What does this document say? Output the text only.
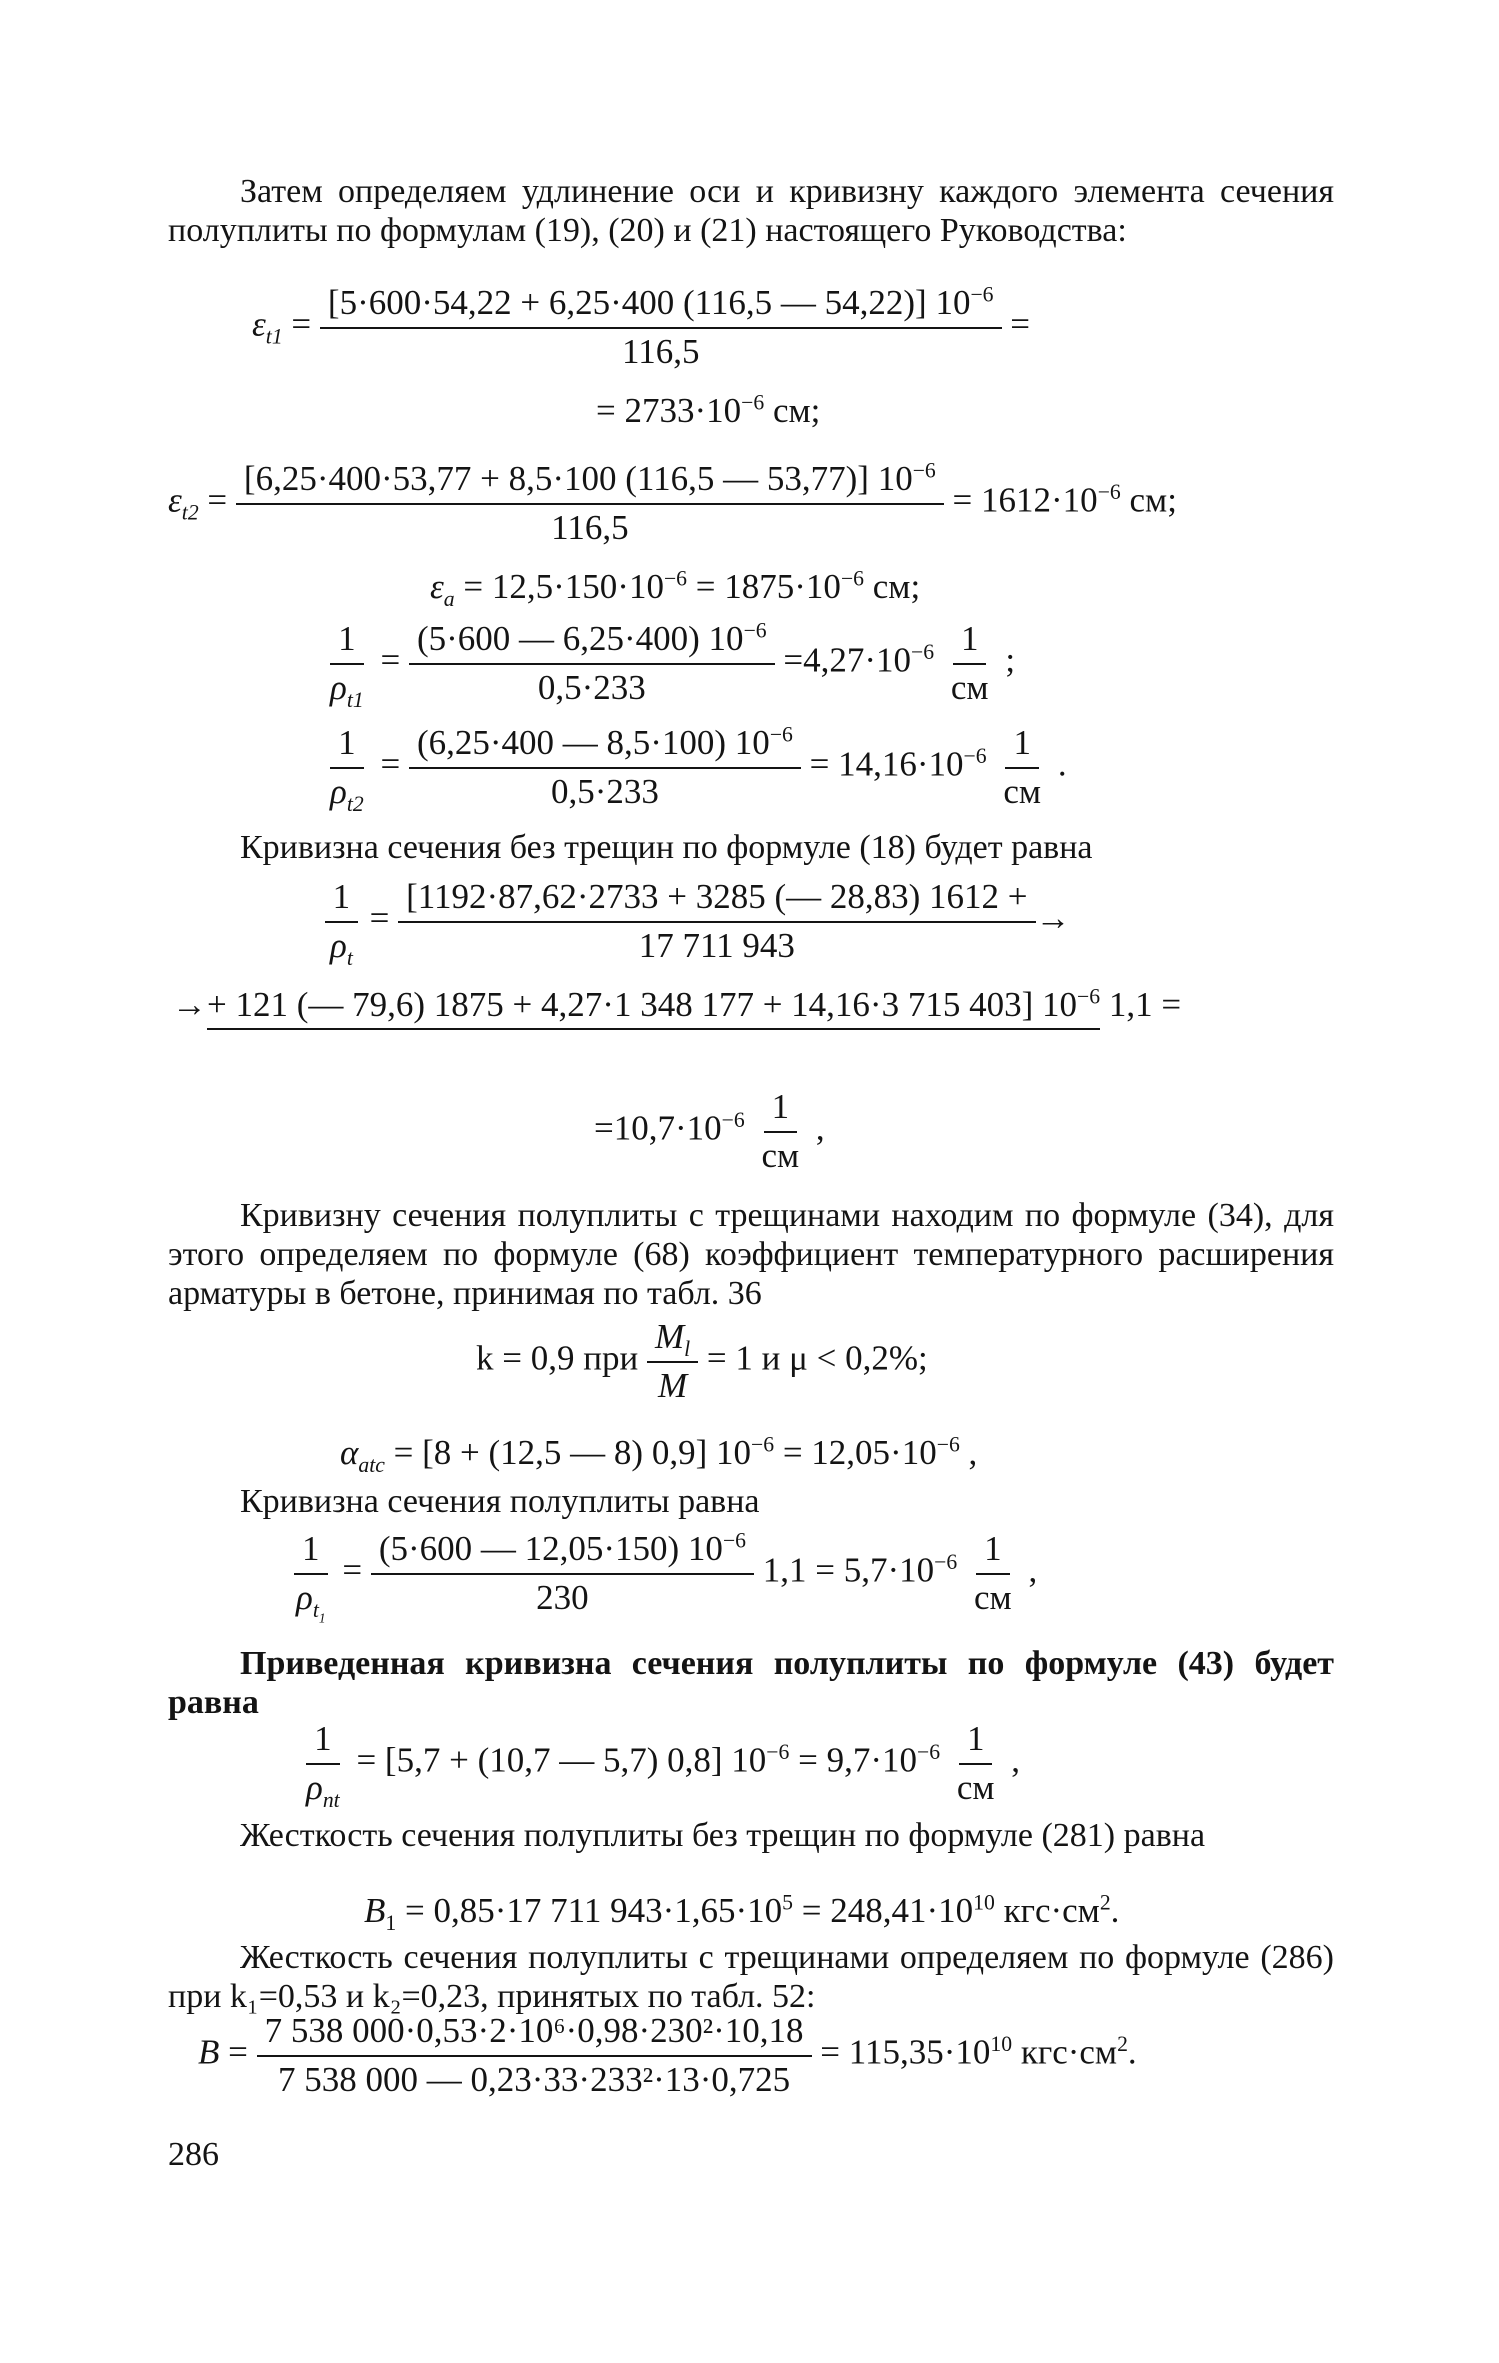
Затем определяем удлинение оси и кривизну каждого элемента сечения полуплиты по формулам (19), (20) и (21) настоящего Руководства:
$\varepsilon_{t1} = \frac{[5\cdot 600\cdot 54,22 + 6,25\cdot 400 (116,5 — 54,22)] 10^{-6}}{116,5}$ =
= $2733\cdot 10^{-6}$ см;
$\varepsilon_{t2} = \frac{[6,25\cdot 400\cdot 53,77 + 8,5\cdot 100 (116,5 — 53,77)] 10^{-6}}{116,5} = 1612\cdot 10^{-6}$ см;
$\varepsilon_a = 12,5\cdot 150\cdot 10^{-6} = 1875\cdot 10^{-6}$ см;
$\frac{1}{\rho_{t1}} = \frac{(5\cdot 600 — 6,25\cdot 400) 10^{-6}}{0,5\cdot 233} =4,27\cdot 10^{-6} \frac{1}{см}$ ;
$\frac{1}{\rho_{t2}} = \frac{(6,25\cdot 400 — 8,5\cdot 100) 10^{-6}}{0,5\cdot 233} = 14,16\cdot 10^{-6} \frac{1}{см}$ .
Кривизна сечения без трещин по формуле (18) будет равна
$\frac{1}{\rho_t} = \frac{[1192\cdot 87,62\cdot 2733 + 3285 (— 28,83) 1612 +}{17 711 943}$ →
→+ 121 (— 79,6) 1875 + 4,27·1 348 177 + 14,16·3 715 403] $10^{-6}$ 1,1 =
$=10,7\cdot 10^{-6} \frac{1}{см}$ ,
Кривизну сечения полуплиты с трещинами находим по формуле (34), для этого определяем по формуле (68) коэффициент температурного расширения арматуры в бетоне, принимая по табл. 36
k = 0,9 при $\frac{M_l}{M} = 1$ и μ < 0,2%;
$\alpha_{atc} = [8 + (12,5$ — 8) 0,9] $10^{-6} = 12,05\cdot 10^{-6}$ ,
Кривизна сечения полуплиты равна
$\frac{1}{\rho_{t_1}} = \frac{(5\cdot 600 — 12,05\cdot 150) 10^{-6}}{230} 1,1 = 5,7\cdot 10^{-6} \frac{1}{см}$ ,
Приведенная кривизна сечения полуплиты по формуле (43) будет равна
$\frac{1}{\rho_{nt}} = [5,7 + (10,7$ — 5,7) 0,8] $10^{-6} = 9,7\cdot 10^{-6} \frac{1}{см}$ ,
Жесткость сечения полуплиты без трещин по формуле (281) равна
$B_1 = 0,85\cdot 17$ 711 $943\cdot 1,65\cdot 10^5 = 248,41\cdot 10^{10}$ $кгс\cdot см^2$.
Жесткость сечения полуплиты с трещинами определяем по формуле (286) при k₁=0,53 и k₂=0,23, принятых по табл. 52:
$B = \frac{\text{7 538 000·0,53·2·10⁶·0,98·230²·10,18}}{\text{7 538 000 — 0,23·33·233²·13·0,725}} = 115,35\cdot 10^{10}$ $кгс\cdot см^2$.
286
